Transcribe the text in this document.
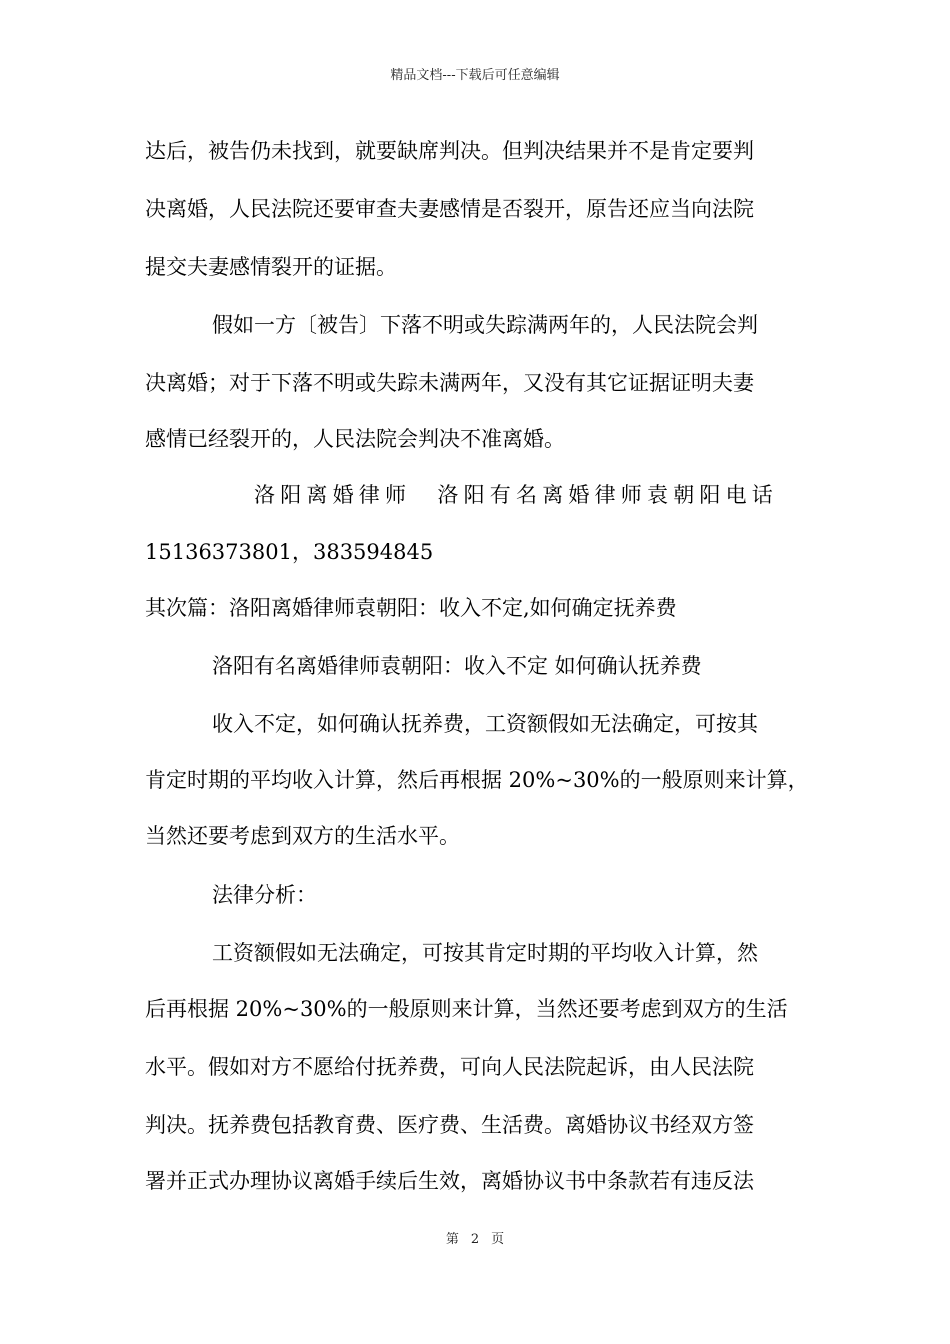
精品文档---下载后可任意编辑
达后，被告仍未找到，就要缺席判决。但判决结果并不是肯定要判
决离婚，人民法院还要审查夫妻感情是否裂开，原告还应当向法院
提交夫妻感情裂开的证据。
假如一方〔被告〕下落不明或失踪满两年的，人民法院会判
决离婚；对于下落不明或失踪未满两年，又没有其它证据证明夫妻
感情已经裂开的，人民法院会判决不准离婚。
洛阳离婚律师　洛阳有名离婚律师袁朝阳电话
15136373801，383594845
其次篇：洛阳离婚律师袁朝阳：收入不定,如何确定抚养费
洛阳有名离婚律师袁朝阳：收入不定 如何确认抚养费
收入不定，如何确认抚养费，工资额假如无法确定，可按其
肯定时期的平均收入计算，然后再根据 20%~30%的一般原则来计算，
当然还要考虑到双方的生活水平。
法律分析：
工资额假如无法确定，可按其肯定时期的平均收入计算，然
后再根据 20%~30%的一般原则来计算，当然还要考虑到双方的生活
水平。假如对方不愿给付抚养费，可向人民法院起诉，由人民法院
判决。抚养费包括教育费、医疗费、生活费。离婚协议书经双方签
署并正式办理协议离婚手续后生效，离婚协议书中条款若有违反法
第 2 页
